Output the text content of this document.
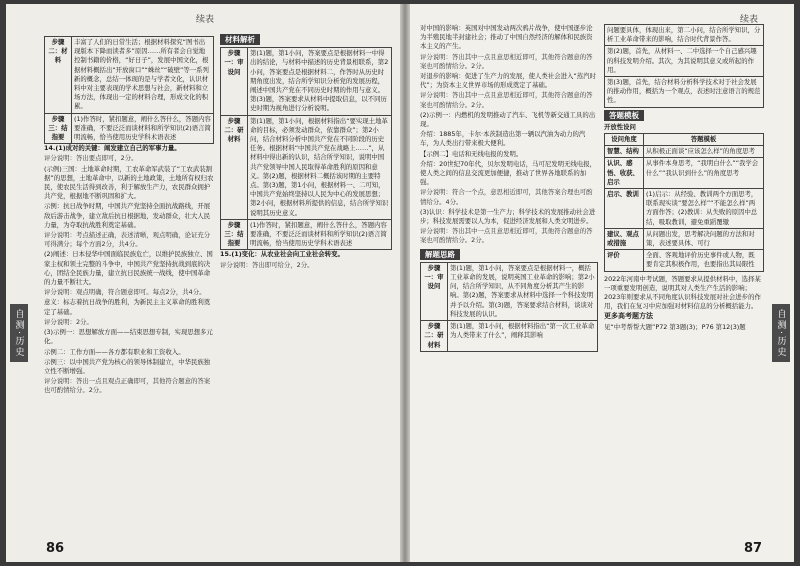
续表
步骤二：材料	丰富了人们的日常生活；根据材料探究“图书出现版本下降而读者多”原因……所有者会自觉地控制书籍的价格，“好日子”，发展中国文化，根据材料概括出“开放窗口”“蛛丝”“破壁”等一系列新的概念，总结一体现的是与学者文化，认识材料中对主要表现的学术思想与社会，新材料和立场方法，体现出一定的材料合理，形成文化的积累。
步骤三：结指要	(1)作答时，紧扣题意，阐什么答什么，答题内容要准确，不要泛泛而谈材料和所学知识(2)语言简明流畅，恰当使用历史学科术语表述

14.(1)成对的关键：阐发建立自己的军事力量。

评分说明：答出要点即可，2分。

(示例)三国：土地革命时期，工农革命军武装了“工农武装割据”的思想，土地革命中，以新的土地政策，土地所有权归农民，使农民生活得到改善，利于解放生产力，农民群众拥护共产党，根据地不断巩固和扩大。

示例：抗日战争时期，中国共产党坚持全面抗战路线，开展敌后游击战争，建立敌后抗日根据地，发动群众，壮大人民力量，为夺取抗战胜利奠定基础。

评分说明：考点描述正确，表述清晰，观点明确，论证充分可得满分；每个方面2分，共4分。

(2)阐述：日本侵华中国面临民族危亡，以维护民族独立、国家主权和领土完整的斗争中，中国共产党坚持抗战到底的决心，团结全民族力量，建立抗日民族统一战线，使中国革命的力量不断壮大。

评分说明：观点明确，符合题意即可。每点2分，共4分。

意义：标志着抗日战争的胜利，为新民主主义革命的胜利奠定了基础。

评分说明：2分。

(3)示例一：思想解放方面——结束思想专制，实现思想多元化。

示例二：工作方面——各方都有职业和工资收入。

示例三：以中国共产党为核心的领导体制建立，中华民族独立性不断增强。

评分说明：答出一点且观点正确即可，其他符合题意的答案也可酌情给分。2分。

材料解析
步骤一：审设问	第(1)题，第1小问，答案要点是根据材料一中得出的结论，与材料中描述的历史背景相联系，第2小问，答案要点是根据材料二，作答时从历史时期角度出发，结合所学知识分析党的发展历程，阐述中国共产党在不同历史时期的作用与意义。第(3)题，答案要求从材料中提取信息，以不同历史时期为视角进行分析说明。
步骤二：研材料	第(1)题，第1小问，根据材料指出“要实现土地革命的目标，必须发动群众，依靠群众”；第2小问，结合材料分析中国共产党在不同阶段的历史任务。根据材料“中国共产党在战略上……”，从材料中得出新的认识，结合所学知识，说明中国共产党领导中国人民取得革命胜利的原因和意义。第(2)题，根据材料二概括该时期的主要特点。第(3)题，第1小问，根据材料一、二可知，中国共产党始终坚持以人民为中心的发展思想；第2小问，根据材料所提供的信息，结合所学知识说明其历史意义。
步骤三：结指要	(1)作答时，紧扣题意，阐什么答什么，答题内容要准确，不要泛泛而谈材料和所学知识(2)语言简明流畅，恰当使用历史学科术语表述

15.(1)变化：从农业社会向工业社会转变。

评分说明：答出即可给分，2分。

自测·历史
86
续表

对中国的影响：英国对中国发动两次鸦片战争，使中国逐步沦为半殖民地半封建社会；推动了中国自然经济的解体和民族资本主义的产生。

评分说明：答出其中一点且意思相近即可，其他符合题意的答案也可酌情给分。2分。

对退步的影响：促进了生产力的发展，使人类社会进入“蒸汽时代”；为资本主义世界市场的形成奠定了基础。

评分说明：答出其中一点且意思相近即可，其他符合题意的答案也可酌情给分。2分。

(2)示例一：内燃机的发明推动了汽车、飞机等新交通工具的出现。

介绍：1885年，卡尔·本茨制造出第一辆以汽油为动力的汽车，为人类出行带来极大便利。

【示例二】电话和无线电报的发明。

介绍：20世纪70年代，贝尔发明电话，马可尼发明无线电报，使人类之间的信息交流更加便捷，推动了世界各地联系的加强。

评分说明：符合一个点，意思相近即可，其他答案合理也可酌情给分。4分。

(3)认识：科学技术是第一生产力；科学技术的发展推动社会进步；科技发展需要以人为本，促进经济发展和人类文明进步。

评分说明：答出其中一点且意思相近即可，其他符合题意的答案也可酌情给分。2分。

解题思路
步骤一：审设问	第(1)题，第1小问，答案要点是根据材料一，概括工业革命的发展，说明英国工业革命的影响；第2小问，结合所学知识，从不同角度分析其产生的影响。第(2)题，答案要求从材料中选择一个科技发明并予以介绍。第(3)题，答案要求结合材料，谈谈对科技发展的认识。
步骤二：研材料	第(1)题，第1小问，根据材料指出“第一次工业革命为人类带来了什么”，阐释其影响
问题要具体，体现出来，第二小问，结合所学知识，分析工业革命带来的影响，结合时代背景作答。
第(2)题，首先，从材料一、二中选择一个自己感兴趣的科技发明介绍。其次，为其说明其意义或所起的作用。
第(3)题，首先，结合材料分析科学技术对于社会发展的推动作用，概括为一个观点，表述时注意语言的规范性。
答题模板

开放性设问

设问角度	答题模板
智慧、结构	从积极正面谈“应该怎么样”的角度思考
认识、感悟、收获、启示	从事件本身思考，“我明白什么”“我学会什么”“我认识到什么”的角度思考
启示、教训	(1)启示：从经验、教训两个方面思考，联系现实谈“要怎么样”“不能怎么样”两方面作答；(2)教训：从失败的原因中总结，吸取教训，避免重蹈覆辙
建议、观点或措施	从问题出发，思考解决问题的方法和对策，表述要具体、可行
评价	全面、客观地评价历史事件或人物，既要肯定其积极作用，也要指出其局限性

2022年河南中考试题，答题要求从提供材料中，选择某一项重要发明创造，说明其对人类生产生活的影响；2023年则要求从不同角度认识科技发展对社会进步的作用，我们在复习中应加强对材料信息的分析概括能力。

更多高考题方法

见“中考帮帮大题”P72 第3题(3)；P76 第12(3)题	自测·历史
87
